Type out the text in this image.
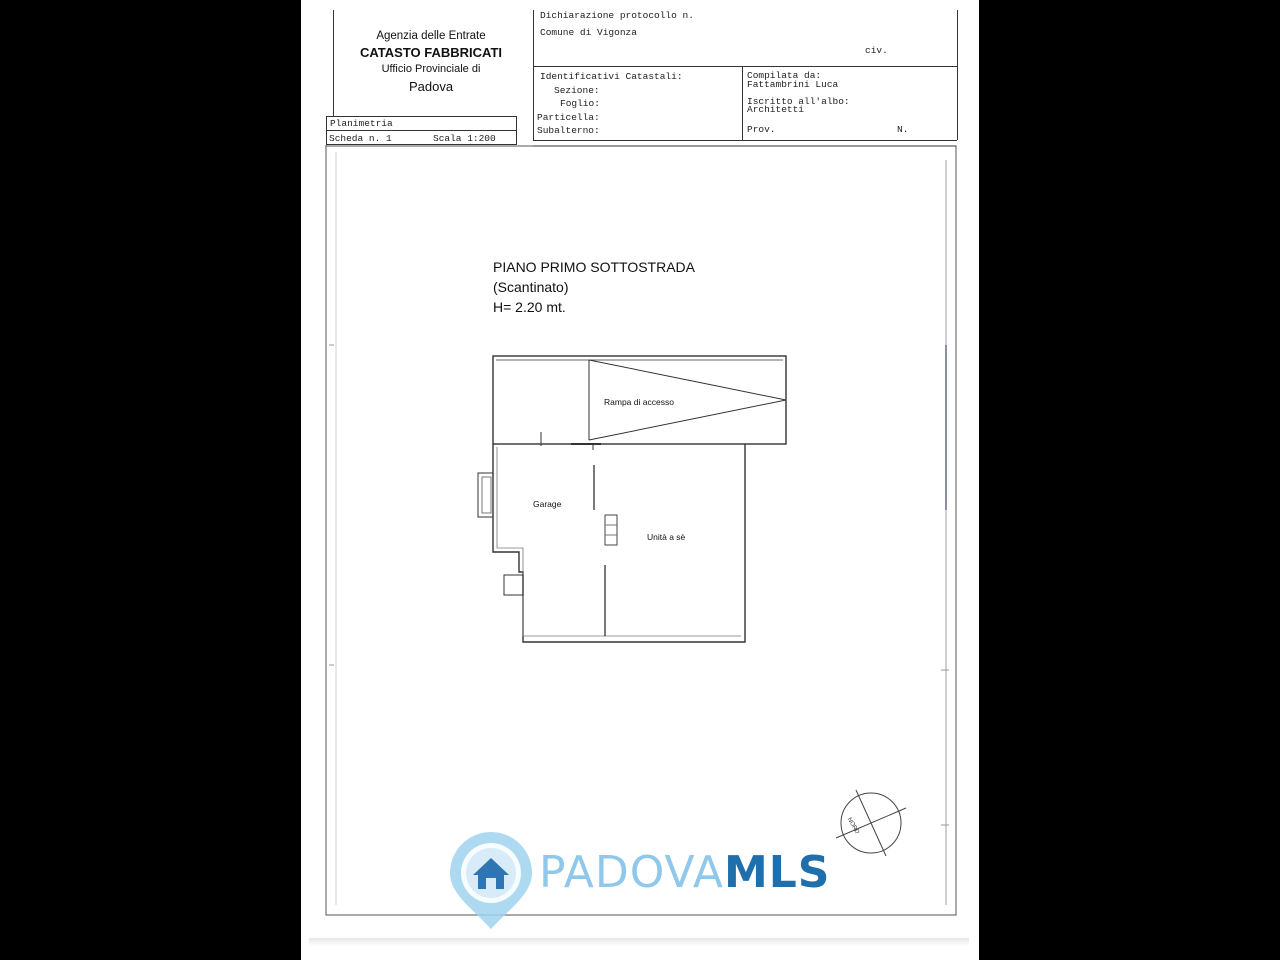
Agenzia delle Entrate
CATASTO FABBRICATI
Ufficio Provinciale di
Padova
Dichiarazione protocollo n.
Comune di Vigonza
civ.
Identificativi Catastali:
Sezione:
Foglio:
Particella:
Subalterno:
Compilata da:
Fattambrini Luca
Iscritto all'albo:
Architetti
Prov.	N.
Planimetria
Scheda n. 1	Scala 1:200
PIANO PRIMO SOTTOSTRADA
(Scantinato)
H= 2.20 mt.
Rampa di accesso
Garage
Unità a sè
NORD
PADOVAMLS
